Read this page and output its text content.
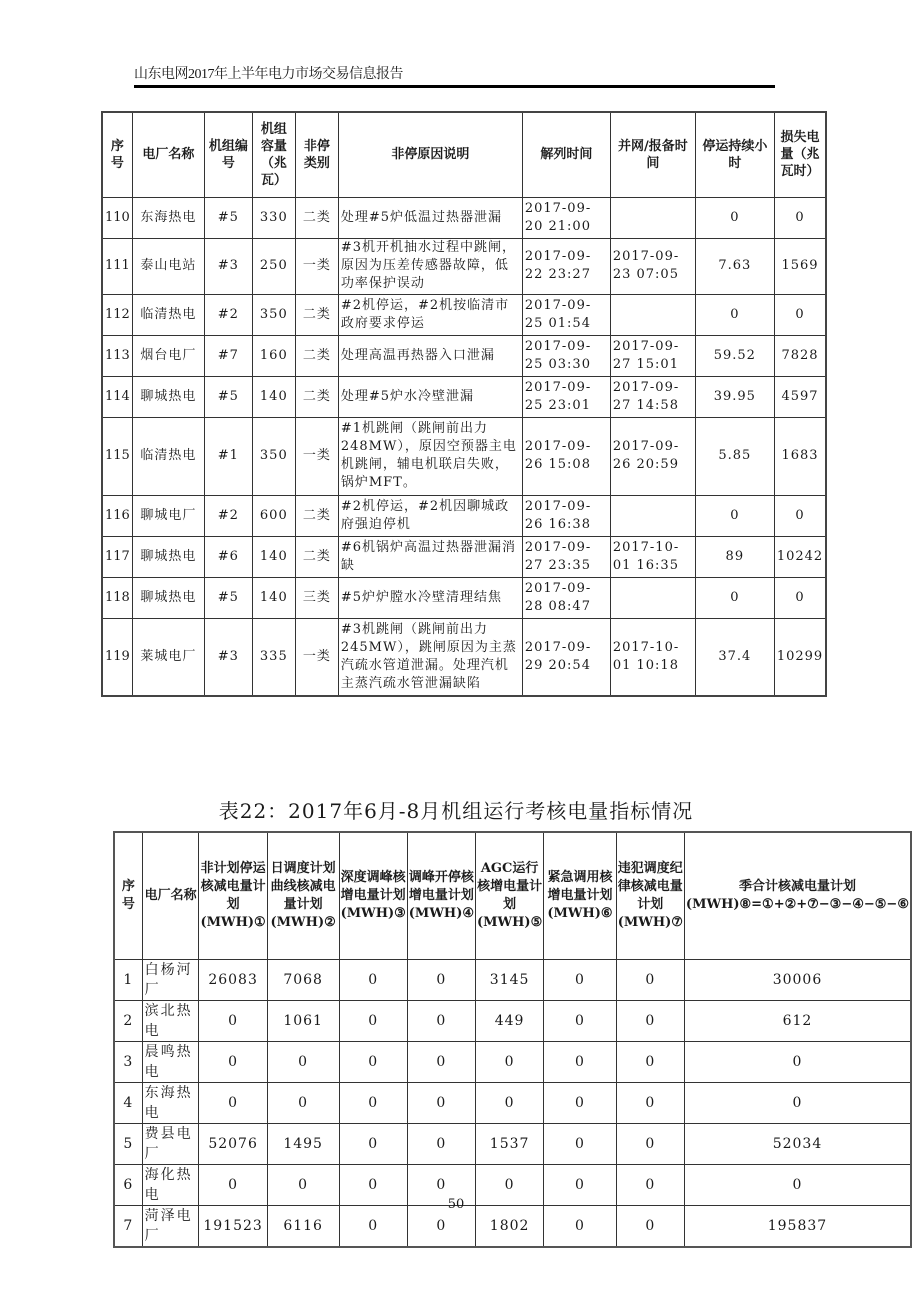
山东电网2017年上半年电力市场交易信息报告
序号	电厂名称	机组编号	机组容量（兆瓦）	非停类别	非停原因说明	解列时间	并网/报备时间	停运持续小时	损失电量（兆瓦时）
110	东海热电	#5	330	二类	处理#5炉低温过热器泄漏	2017-09-20 21:00		0	0
111	泰山电站	#3	250	一类	#3机开机抽水过程中跳闸，原因为压差传感器故障，低功率保护误动	2017-09-22 23:27	2017-09-23 07:05	7.63	1569
112	临清热电	#2	350	二类	#2机停运，#2机按临清市政府要求停运	2017-09-25 01:54		0	0
113	烟台电厂	#7	160	二类	处理高温再热器入口泄漏	2017-09-25 03:30	2017-09-27 15:01	59.52	7828
114	聊城热电	#5	140	二类	处理#5炉水冷壁泄漏	2017-09-25 23:01	2017-09-27 14:58	39.95	4597
115	临清热电	#1	350	一类	#1机跳闸（跳闸前出力248MW），原因空预器主电机跳闸，辅电机联启失败，锅炉MFT。	2017-09-26 15:08	2017-09-26 20:59	5.85	1683
116	聊城电厂	#2	600	二类	#2机停运，#2机因聊城政府强迫停机	2017-09-26 16:38		0	0
117	聊城热电	#6	140	二类	#6机锅炉高温过热器泄漏消缺	2017-09-27 23:35	2017-10-01 16:35	89	10242
118	聊城热电	#5	140	三类	#5炉炉膛水冷壁清理结焦	2017-09-28 08:47		0	0
119	莱城电厂	#3	335	一类	#3机跳闸（跳闸前出力245MW），跳闸原因为主蒸汽疏水管道泄漏。处理汽机主蒸汽疏水管泄漏缺陷	2017-09-29 20:54	2017-10-01 10:18	37.4	10299
表22：2017年6月-8月机组运行考核电量指标情况
序号	电厂名称	非计划停运核减电量计划(MWH)①	日调度计划曲线核减电量计划(MWH)②	深度调峰核增电量计划(MWH)③	调峰开停核增电量计划(MWH)④	AGC运行核增电量计划(MWH)⑤	紧急调用核增电量计划(MWH)⑥	违犯调度纪律核减电量计划(MWH)⑦	季合计核减电量计划(MWH)⑧=①+②+⑦−③−④−⑤−⑥
1	白杨河厂	26083	7068	0	0	3145	0	0	30006
2	滨北热电	0	1061	0	0	449	0	0	612
3	晨鸣热电	0	0	0	0	0	0	0	0
4	东海热电	0	0	0	0	0	0	0	0
5	费县电厂	52076	1495	0	0	1537	0	0	52034
6	海化热电	0	0	0	0	0	0	0	0
7	菏泽电厂	191523	6116	0	0	1802	0	0	195837
50
